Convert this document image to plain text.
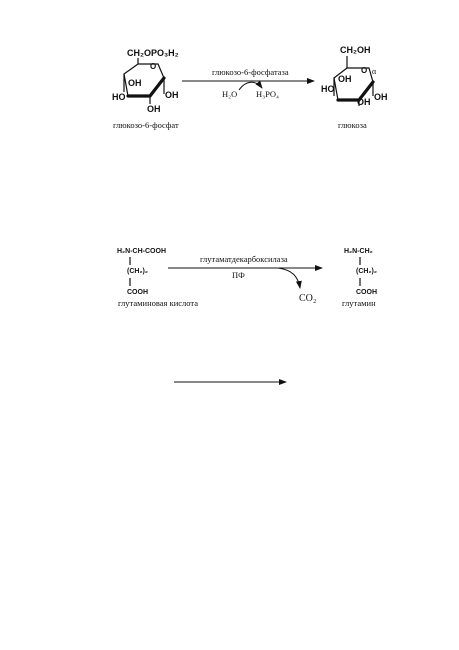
CH₂OPO₃H₂
O
OH
HO	OH
OH
глюкозо-6-фосфат
глюкозо-6-фосфатаза
H₂O H₃PO₄
CH₂OH
O α
OH
HO
OH
OH
глюкоза
H₂N-CH-COOH
(CH₂)₂
COOH
глутаминовая кислота
глутаматдекарбоксилаза
ПФ
CO₂
H₂N-CH₂
(CH₂)₂
COOH
глутамин
